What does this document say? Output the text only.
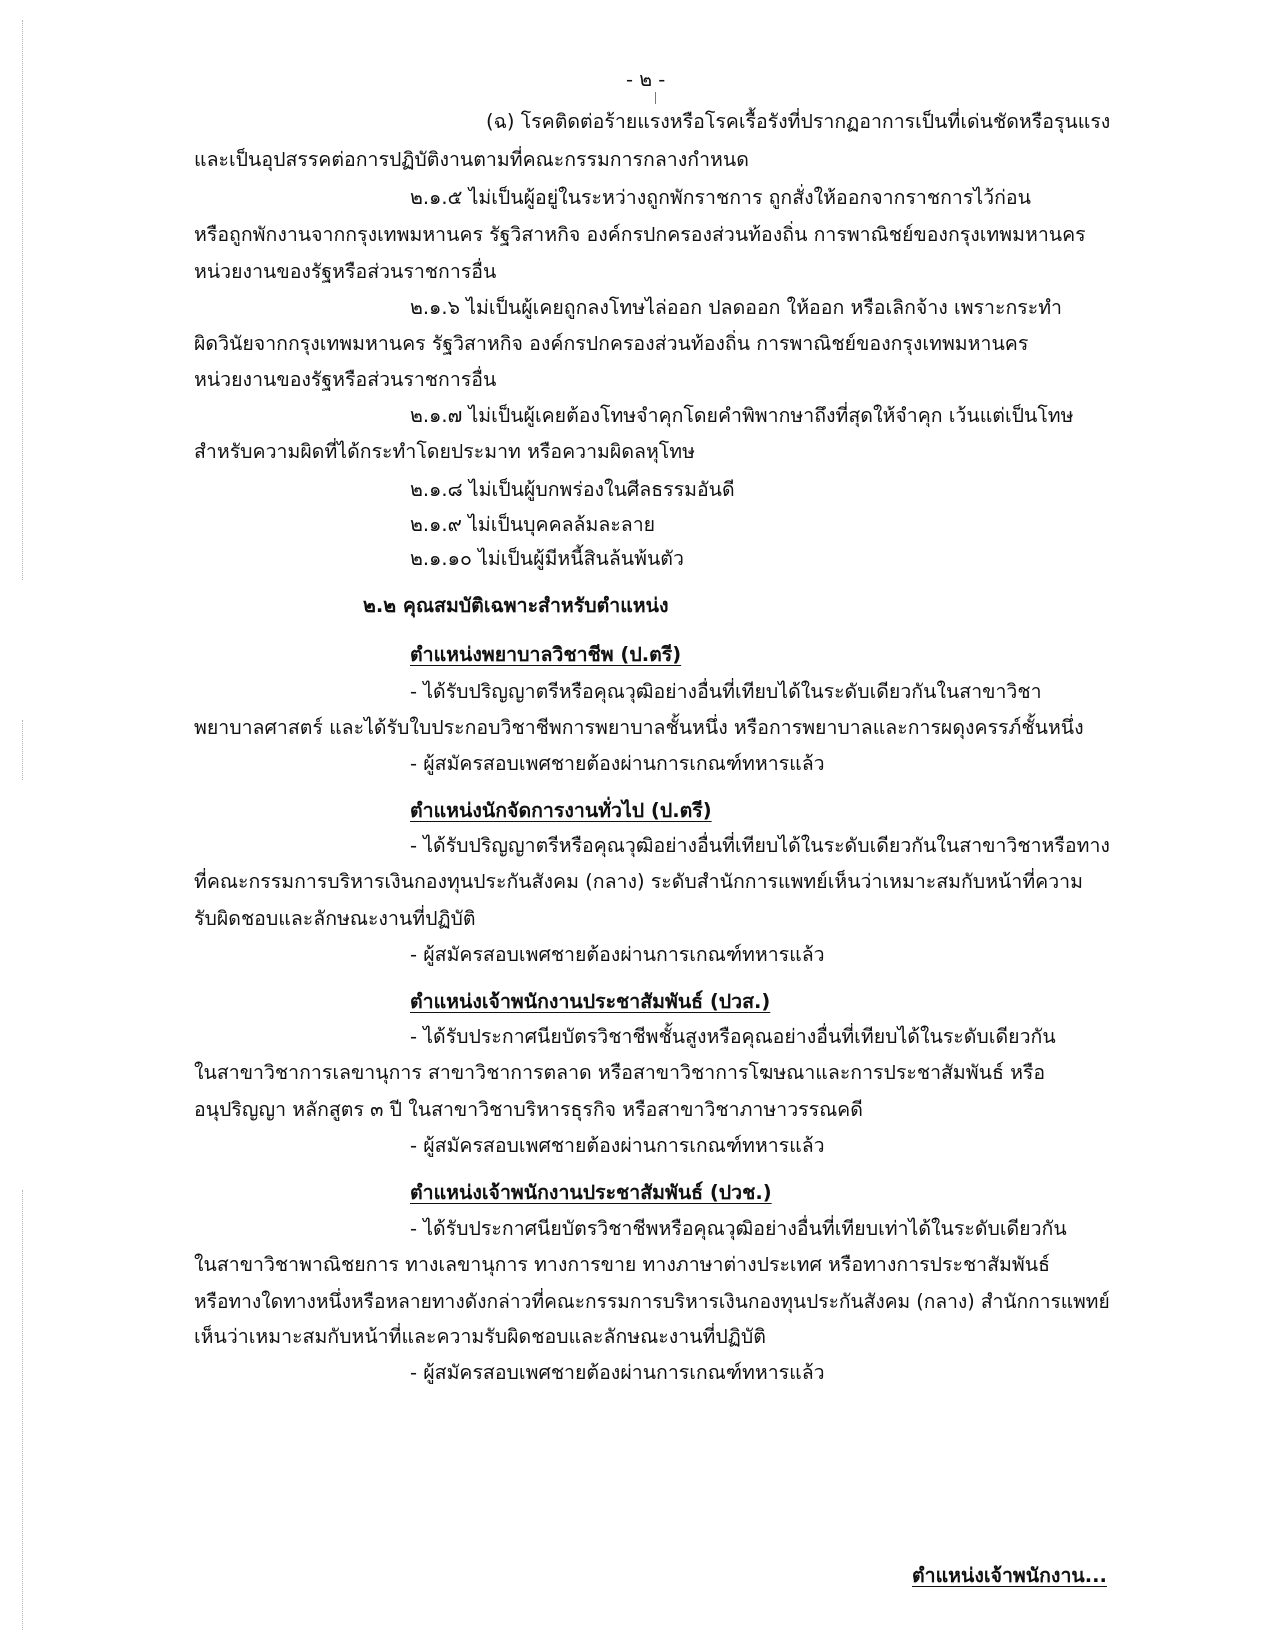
- ๒ -
(ฉ) โรคติดต่อร้ายแรงหรือโรคเรื้อรังที่ปรากฏอาการเป็นที่เด่นชัดหรือรุนแรง
และเป็นอุปสรรคต่อการปฏิบัติงานตามที่คณะกรรมการกลางกำหนด
๒.๑.๕ ไม่เป็นผู้อยู่ในระหว่างถูกพักราชการ ถูกสั่งให้ออกจากราชการไว้ก่อน
หรือถูกพักงานจากกรุงเทพมหานคร รัฐวิสาหกิจ องค์กรปกครองส่วนท้องถิ่น การพาณิชย์ของกรุงเทพมหานคร
หน่วยงานของรัฐหรือส่วนราชการอื่น
๒.๑.๖ ไม่เป็นผู้เคยถูกลงโทษไล่ออก ปลดออก ให้ออก หรือเลิกจ้าง เพราะกระทำ
ผิดวินัยจากกรุงเทพมหานคร รัฐวิสาหกิจ องค์กรปกครองส่วนท้องถิ่น การพาณิชย์ของกรุงเทพมหานคร
หน่วยงานของรัฐหรือส่วนราชการอื่น
๒.๑.๗ ไม่เป็นผู้เคยต้องโทษจำคุกโดยคำพิพากษาถึงที่สุดให้จำคุก เว้นแต่เป็นโทษ
สำหรับความผิดที่ได้กระทำโดยประมาท หรือความผิดลหุโทษ
๒.๑.๘ ไม่เป็นผู้บกพร่องในศีลธรรมอันดี
๒.๑.๙ ไม่เป็นบุคคลล้มละลาย
๒.๑.๑๐ ไม่เป็นผู้มีหนี้สินล้นพ้นตัว
๒.๒ คุณสมบัติเฉพาะสำหรับตำแหน่ง
ตำแหน่งพยาบาลวิชาชีพ (ป.ตรี)
- ได้รับปริญญาตรีหรือคุณวุฒิอย่างอื่นที่เทียบได้ในระดับเดียวกันในสาขาวิชา
พยาบาลศาสตร์ และได้รับใบประกอบวิชาชีพการพยาบาลชั้นหนึ่ง หรือการพยาบาลและการผดุงครรภ์ชั้นหนึ่ง
- ผู้สมัครสอบเพศชายต้องผ่านการเกณฑ์ทหารแล้ว
ตำแหน่งนักจัดการงานทั่วไป (ป.ตรี)
- ได้รับปริญญาตรีหรือคุณวุฒิอย่างอื่นที่เทียบได้ในระดับเดียวกันในสาขาวิชาหรือทาง
ที่คณะกรรมการบริหารเงินกองทุนประกันสังคม (กลาง) ระดับสำนักการแพทย์เห็นว่าเหมาะสมกับหน้าที่ความ
รับผิดชอบและลักษณะงานที่ปฏิบัติ
- ผู้สมัครสอบเพศชายต้องผ่านการเกณฑ์ทหารแล้ว
ตำแหน่งเจ้าพนักงานประชาสัมพันธ์ (ปวส.)
- ได้รับประกาศนียบัตรวิชาชีพชั้นสูงหรือคุณอย่างอื่นที่เทียบได้ในระดับเดียวกัน
ในสาขาวิชาการเลขานุการ สาขาวิชาการตลาด หรือสาขาวิชาการโฆษณาและการประชาสัมพันธ์ หรือ
อนุปริญญา หลักสูตร ๓ ปี ในสาขาวิชาบริหารธุรกิจ หรือสาขาวิชาภาษาวรรณคดี
- ผู้สมัครสอบเพศชายต้องผ่านการเกณฑ์ทหารแล้ว
ตำแหน่งเจ้าพนักงานประชาสัมพันธ์ (ปวช.)
- ได้รับประกาศนียบัตรวิชาชีพหรือคุณวุฒิอย่างอื่นที่เทียบเท่าได้ในระดับเดียวกัน
ในสาขาวิชาพาณิชยการ ทางเลขานุการ ทางการขาย ทางภาษาต่างประเทศ หรือทางการประชาสัมพันธ์
หรือทางใดทางหนึ่งหรือหลายทางดังกล่าวที่คณะกรรมการบริหารเงินกองทุนประกันสังคม (กลาง) สำนักการแพทย์
เห็นว่าเหมาะสมกับหน้าที่และความรับผิดชอบและลักษณะงานที่ปฏิบัติ
- ผู้สมัครสอบเพศชายต้องผ่านการเกณฑ์ทหารแล้ว
ตำแหน่งเจ้าพนักงาน...
